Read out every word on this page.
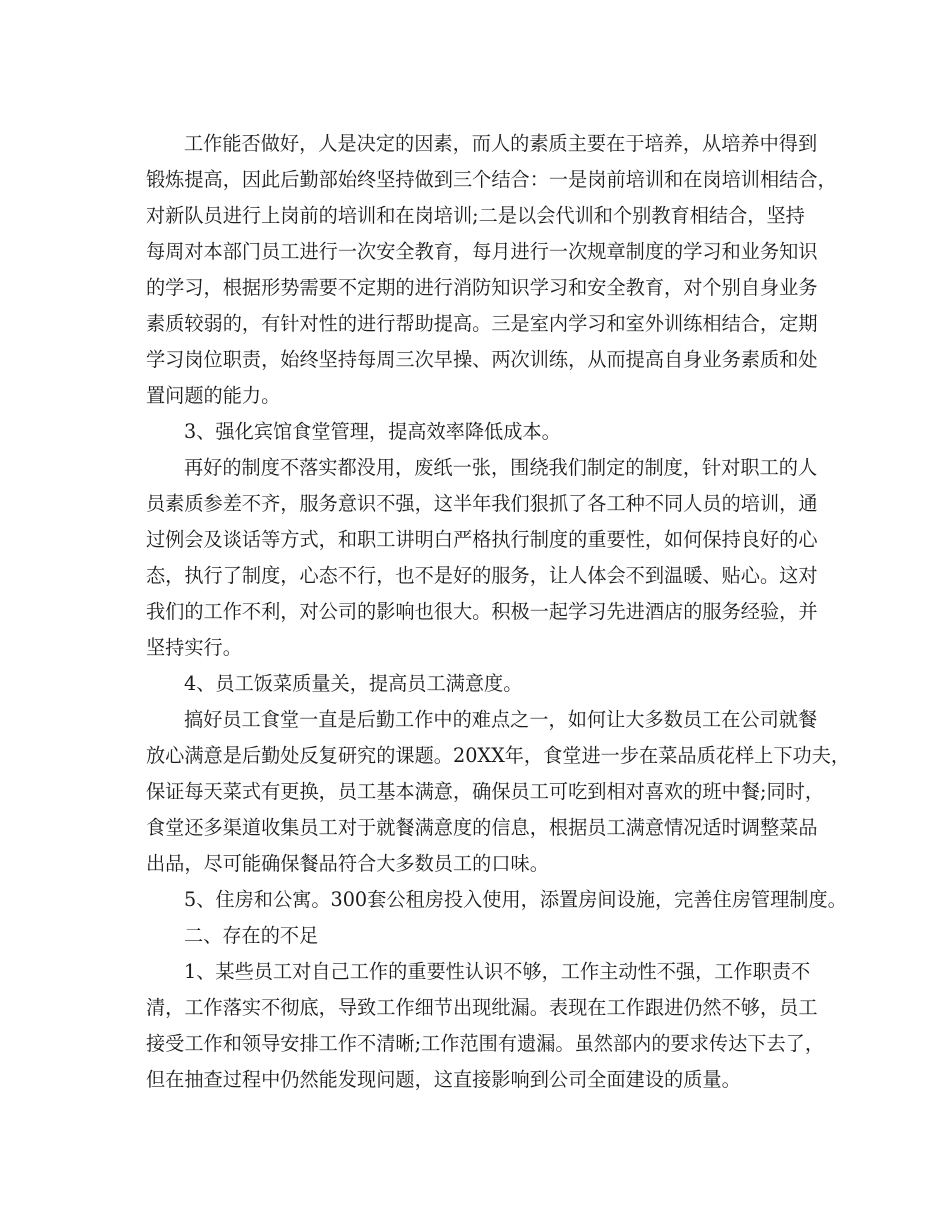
工作能否做好，人是决定的因素，而人的素质主要在于培养，从培养中得到
锻炼提高，因此后勤部始终坚持做到三个结合：一是岗前培训和在岗培训相结合，
对新队员进行上岗前的培训和在岗培训;二是以会代训和个别教育相结合，坚持
每周对本部门员工进行一次安全教育，每月进行一次规章制度的学习和业务知识
的学习，根据形势需要不定期的进行消防知识学习和安全教育，对个别自身业务
素质较弱的，有针对性的进行帮助提高。三是室内学习和室外训练相结合，定期
学习岗位职责，始终坚持每周三次早操、两次训练，从而提高自身业务素质和处
置问题的能力。
3、强化宾馆食堂管理，提高效率降低成本。
再好的制度不落实都没用，废纸一张，围绕我们制定的制度，针对职工的人
员素质参差不齐，服务意识不强，这半年我们狠抓了各工种不同人员的培训，通
过例会及谈话等方式，和职工讲明白严格执行制度的重要性，如何保持良好的心
态，执行了制度，心态不行，也不是好的服务，让人体会不到温暖、贴心。这对
我们的工作不利，对公司的影响也很大。积极一起学习先进酒店的服务经验，并
坚持实行。
4、员工饭菜质量关，提高员工满意度。
搞好员工食堂一直是后勤工作中的难点之一，如何让大多数员工在公司就餐
放心满意是后勤处反复研究的课题。20XX年，食堂进一步在菜品质花样上下功夫，
保证每天菜式有更换，员工基本满意，确保员工可吃到相对喜欢的班中餐;同时，
食堂还多渠道收集员工对于就餐满意度的信息，根据员工满意情况适时调整菜品
出品，尽可能确保餐品符合大多数员工的口味。
5、住房和公寓。300套公租房投入使用，添置房间设施，完善住房管理制度。
二、存在的不足
1、某些员工对自己工作的重要性认识不够，工作主动性不强，工作职责不
清，工作落实不彻底，导致工作细节出现纰漏。表现在工作跟进仍然不够，员工
接受工作和领导安排工作不清晰;工作范围有遗漏。虽然部内的要求传达下去了，
但在抽查过程中仍然能发现问题，这直接影响到公司全面建设的质量。
